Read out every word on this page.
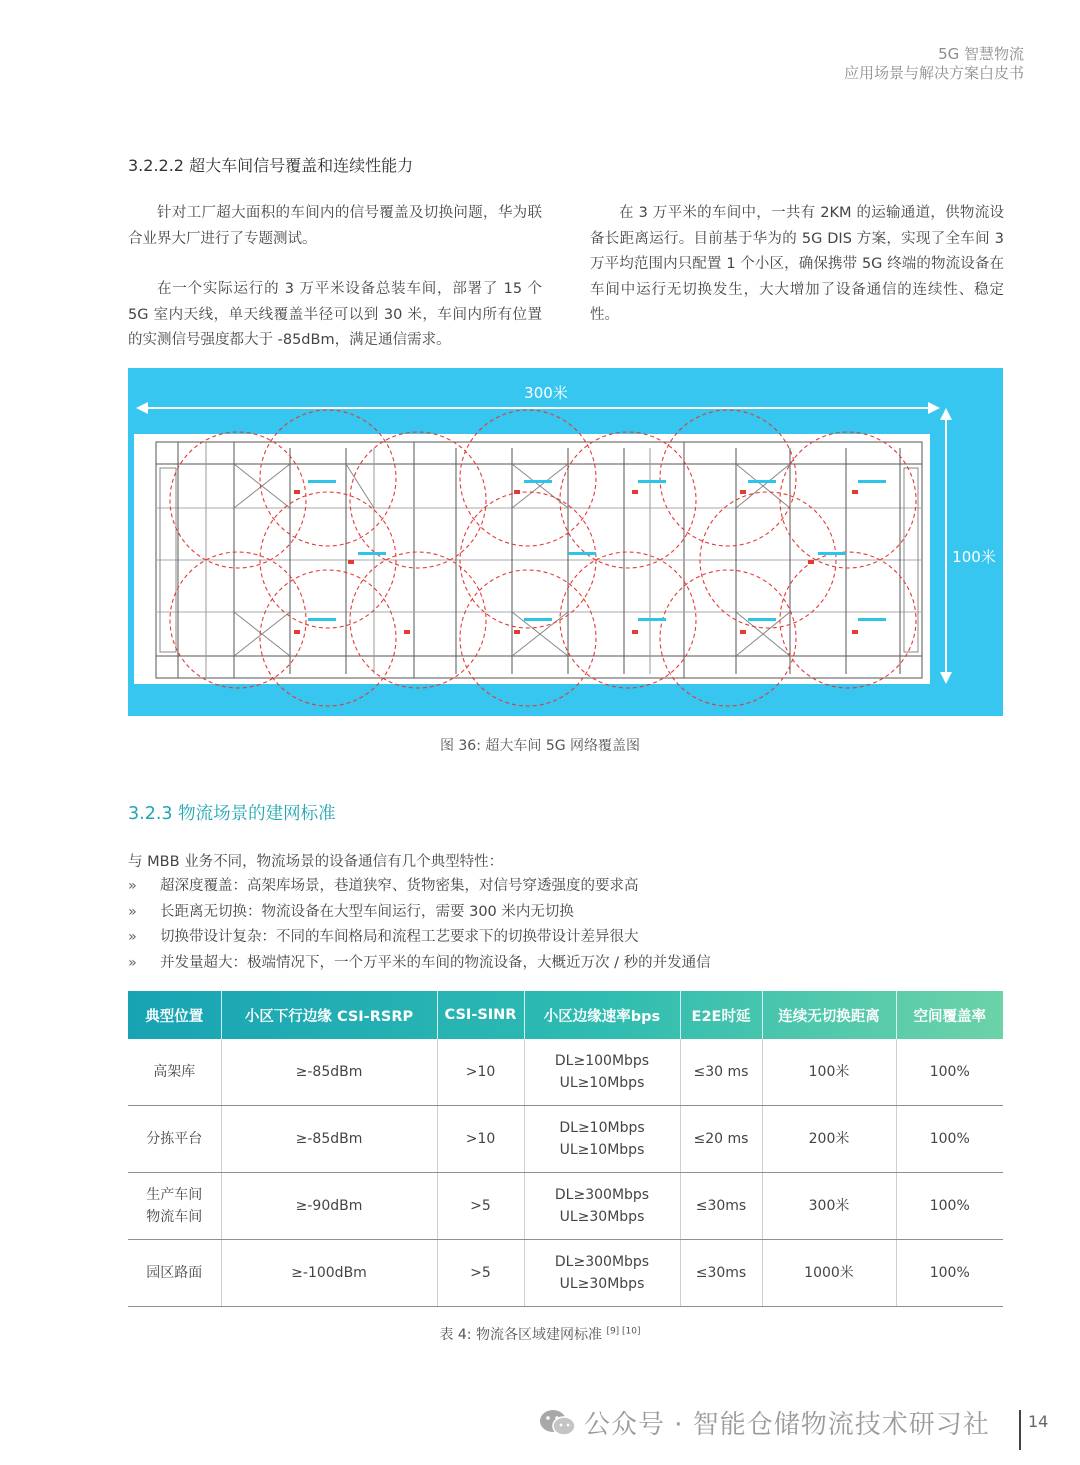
5G 智慧物流
应用场景与解决方案白皮书
3.2.2.2 超大车间信号覆盖和连续性能力

针对工厂超大面积的车间内的信号覆盖及切换问题，华为联合业界大厂进行了专题测试。

在一个实际运行的 3 万平米设备总装车间，部署了 15 个 5G 室内天线，单天线覆盖半径可以到 30 米，车间内所有位置的实测信号强度都大于 -85dBm，满足通信需求。

在 3 万平米的车间中，一共有 2KM 的运输通道，供物流设备长距离运行。目前基于华为的 5G DIS 方案，实现了全车间 3 万平均范围内只配置 1 个小区，确保携带 5G 终端的物流设备在车间中运行无切换发生，大大增加了设备通信的连续性、稳定性。

300米
100米
图 36: 超大车间 5G 网络覆盖图
3.2.3 物流场景的建网标准
与 MBB 业务不同，物流场景的设备通信有几个典型特性：
» 超深度覆盖：高架库场景，巷道狭窄、货物密集，对信号穿透强度的要求高
» 长距离无切换：物流设备在大型车间运行，需要 300 米内无切换
» 切换带设计复杂：不同的车间格局和流程工艺要求下的切换带设计差异很大
» 并发量超大：极端情况下，一个万平米的车间的物流设备，大概近万次 / 秒的并发通信
典型位置	小区下行边缘 CSI-RSRP	CSI-SINR	小区边缘速率bps	E2E时延	连续无切换距离	空间覆盖率
高架库	≥-85dBm	>10	DL≥100Mbps
UL≥10Mbps	≤30 ms	100米	100%
分拣平台	≥-85dBm	>10	DL≥10Mbps
UL≥10Mbps	≤20 ms	200米	100%

生产车间
物流车间	≥-90dBm	>5	DL≥300Mbps
UL≥30Mbps	≤30ms	300米	100%
园区路面	≥-100dBm	>5	DL≥300Mbps
UL≥30Mbps	≤30ms	1000米	100%
表 4: 物流各区域建网标准 [9] [10]
公众号 · 智能仓储物流技术研习社 14
